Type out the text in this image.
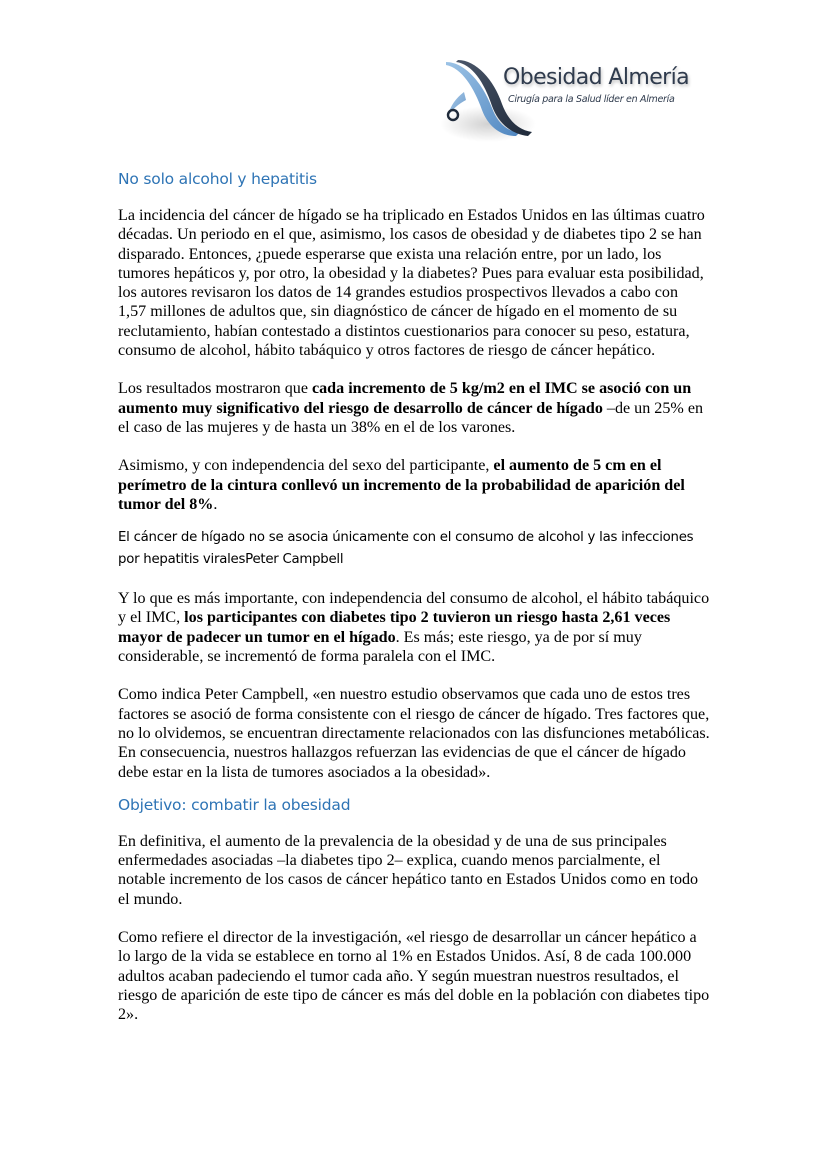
Obesidad Almería
Cirugía para la Salud líder en Almería
No solo alcohol y hepatitis

La incidencia del cáncer de hígado se ha triplicado en Estados Unidos en las últimas cuatro décadas. Un periodo en el que, asimismo, los casos de obesidad y de diabetes tipo 2 se han disparado. Entonces, ¿puede esperarse que exista una relación entre, por un lado, los tumores hepáticos y, por otro, la obesidad y la diabetes? Pues para evaluar esta posibilidad, los autores revisaron los datos de 14 grandes estudios prospectivos llevados a cabo con 1,57 millones de adultos que, sin diagnóstico de cáncer de hígado en el momento de su reclutamiento, habían contestado a distintos cuestionarios para conocer su peso, estatura, consumo de alcohol, hábito tabáquico y otros factores de riesgo de cáncer hepático.

Los resultados mostraron que cada incremento de 5 kg/m2 en el IMC se asoció con un aumento muy significativo del riesgo de desarrollo de cáncer de hígado –de un 25% en el caso de las mujeres y de hasta un 38% en el de los varones.

Asimismo, y con independencia del sexo del participante, el aumento de 5 cm en el perímetro de la cintura conllevó un incremento de la probabilidad de aparición del tumor del 8%.

El cáncer de hígado no se asocia únicamente con el consumo de alcohol y las infecciones por hepatitis viralesPeter Campbell

Y lo que es más importante, con independencia del consumo de alcohol, el hábito tabáquico y el IMC, los participantes con diabetes tipo 2 tuvieron un riesgo hasta 2,61 veces mayor de padecer un tumor en el hígado. Es más; este riesgo, ya de por sí muy considerable, se incrementó de forma paralela con el IMC.

Como indica Peter Campbell, «en nuestro estudio observamos que cada uno de estos tres factores se asoció de forma consistente con el riesgo de cáncer de hígado. Tres factores que, no lo olvidemos, se encuentran directamente relacionados con las disfunciones metabólicas. En consecuencia, nuestros hallazgos refuerzan las evidencias de que el cáncer de hígado debe estar en la lista de tumores asociados a la obesidad».

Objetivo: combatir la obesidad

En definitiva, el aumento de la prevalencia de la obesidad y de una de sus principales enfermedades asociadas –la diabetes tipo 2– explica, cuando menos parcialmente, el notable incremento de los casos de cáncer hepático tanto en Estados Unidos como en todo el mundo.

Como refiere el director de la investigación, «el riesgo de desarrollar un cáncer hepático a lo largo de la vida se establece en torno al 1% en Estados Unidos. Así, 8 de cada 100.000 adultos acaban padeciendo el tumor cada año. Y según muestran nuestros resultados, el riesgo de aparición de este tipo de cáncer es más del doble en la población con diabetes tipo 2».
